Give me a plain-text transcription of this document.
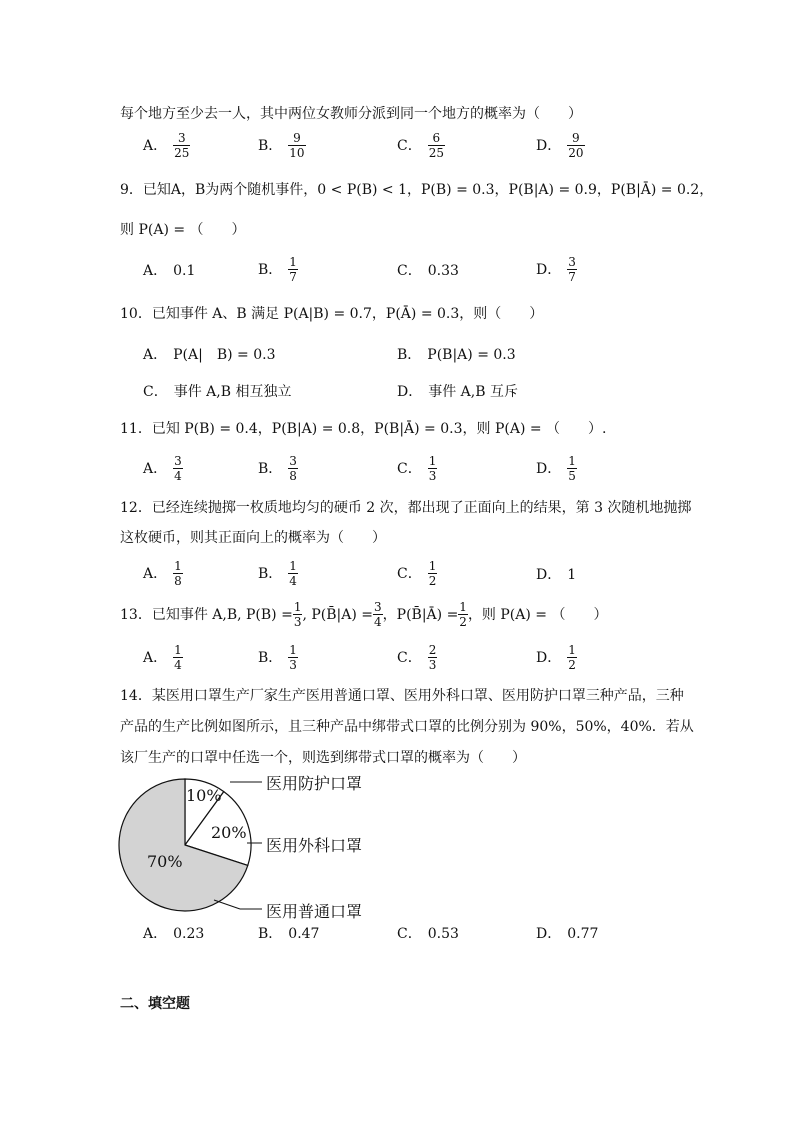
每个地方至少去一人，其中两位女教师分派到同一个地方的概率为（　　）
A． $\frac{3}{25}$	B． $\frac{9}{10}$	C． $\frac{6}{25}$	D． $\frac{9}{20}$
9．已知A，B为两个随机事件，0 < P(B) < 1，P(B) = 0.3，P(B|A) = 0.9，P(B|Ā) = 0.2，
则 P(A) = （　　）
A． 0.1	B． $\frac{1}{7}$	C． 0.33	D． $\frac{3}{7}$
10．已知事件 A、B 满足 P(A|B) = 0.7，P(Ā) = 0.3，则（　　）
A． P(A|　B) = 0.3	B． P(B|A) = 0.3
C． 事件 A,B 相互独立	D． 事件 A,B 互斥
11．已知 P(B) = 0.4，P(B|A) = 0.8，P(B|Ā) = 0.3，则 P(A) = （　　）.
A． $\frac{3}{4}$	B． $\frac{3}{8}$	C． $\frac{1}{3}$	D． $\frac{1}{5}$
12．已经连续抛掷一枚质地均匀的硬币 2 次，都出现了正面向上的结果，第 3 次随机地抛掷
这枚硬币，则其正面向上的概率为（　　）
A． $\frac{1}{8}$	B． $\frac{1}{4}$	C． $\frac{1}{2}$	D． 1
13．已知事件 A,B, $P(B) = \frac{1}{3}$ , P(B̄|A) = $\frac{3}{4}$ ，P(B̄|Ā) = $\frac{1}{2}$ ，则 P(A) = （　　）
A． $\frac{1}{4}$	B． $\frac{1}{3}$	C． $\frac{2}{3}$	D． $\frac{1}{2}$
14．某医用口罩生产厂家生产医用普通口罩、医用外科口罩、医用防护口罩三种产品，三种
产品的生产比例如图所示，且三种产品中绑带式口罩的比例分别为 90%，50%，40%．若从
该厂生产的口罩中任选一个，则选到绑带式口罩的概率为（　　）
10%
20%
70%
医用防护口罩
医用外科口罩
医用普通口罩
A． 0.23	B． 0.47	C． 0.53	D． 0.77
二、填空题
